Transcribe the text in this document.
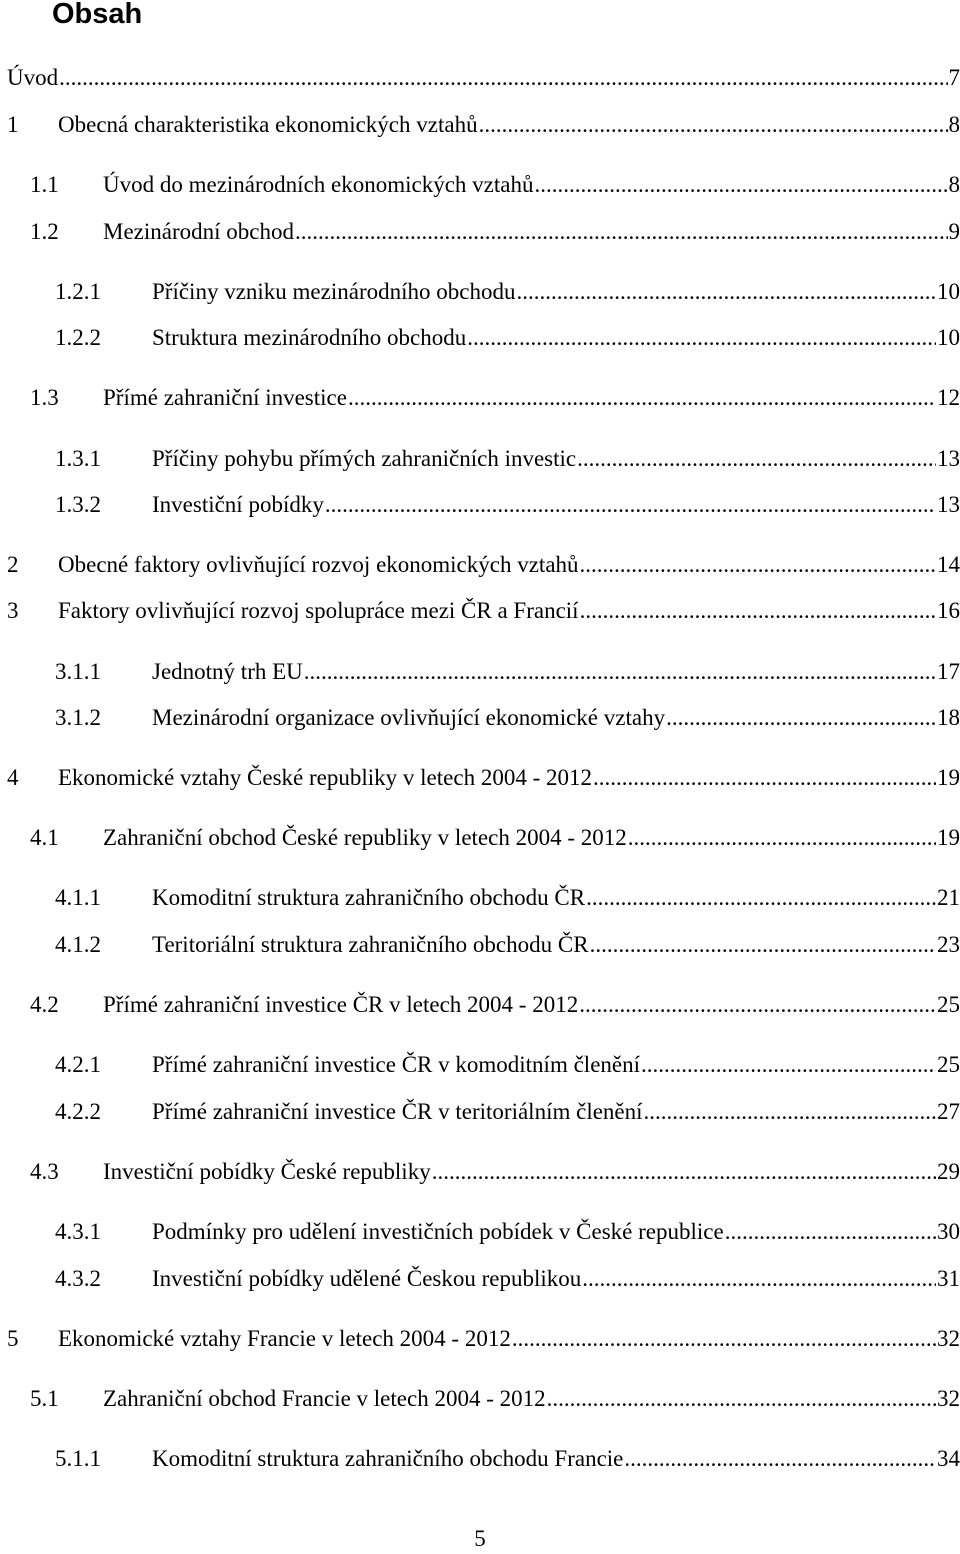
Obsah
Úvod .....	7
1	Obecná charakteristika ekonomických vztahů .....	8
1.1	Úvod do mezinárodních ekonomických vztahů .....	8
1.2	Mezinárodní obchod .....	9
1.2.1	Příčiny vzniku mezinárodního obchodu .....	10
1.2.2	Struktura mezinárodního obchodu .....	10
1.3	Přímé zahraniční investice .....	12
1.3.1	Příčiny pohybu přímých zahraničních investic .....	13
1.3.2	Investiční pobídky .....	13
2	Obecné faktory ovlivňující rozvoj ekonomických vztahů .....	14
3	Faktory ovlivňující rozvoj spolupráce mezi ČR a Francií .....	16
3.1.1	Jednotný trh EU .....	17
3.1.2	Mezinárodní organizace ovlivňující ekonomické vztahy .....	18
4	Ekonomické vztahy České republiky v letech 2004 - 2012 .....	19
4.1	Zahraniční obchod České republiky v letech 2004 - 2012 .....	19
4.1.1	Komoditní struktura zahraničního obchodu ČR .....	21
4.1.2	Teritoriální struktura zahraničního obchodu ČR .....	23
4.2	Přímé zahraniční investice ČR v letech 2004 - 2012 .....	25
4.2.1	Přímé zahraniční investice ČR v komoditním členění .....	25
4.2.2	Přímé zahraniční investice ČR v teritoriálním členění .....	27
4.3	Investiční pobídky České republiky .....	29
4.3.1	Podmínky pro udělení investičních pobídek v České republice .....	30
4.3.2	Investiční pobídky udělené Českou republikou .....	31
5	Ekonomické vztahy Francie v letech 2004 - 2012 .....	32
5.1	Zahraniční obchod Francie v letech 2004 - 2012 .....	32
5.1.1	Komoditní struktura zahraničního obchodu Francie .....	34
5
